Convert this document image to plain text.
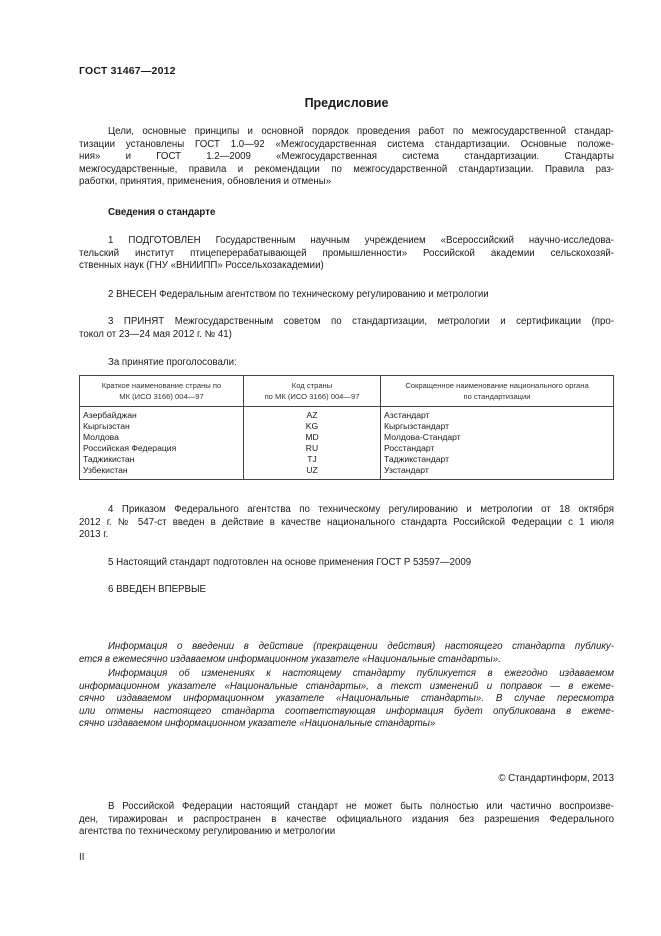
ГОСТ 31467—2012
Предисловие
Цели, основные принципы и основной порядок проведения работ по межгосударственной стандар-
тизации установлены ГОСТ 1.0—92 «Межгосударственная система стандартизации. Основные положе-
ния» и ГОСТ 1.2—2009 «Межгосударственная система стандартизации. Стандарты
межгосударственные, правила и рекомендации по межгосударственной стандартизации. Правила раз-
работки, принятия, применения, обновления и отмены»
Сведения о стандарте
1 ПОДГОТОВЛЕН Государственным научным учреждением «Всероссийский научно-исследова-
тельский институт птицеперерабатывающей промышленности» Российской академии сельскохозяй-
ственных наук (ГНУ «ВНИИПП» Россельхозакадемии)
2 ВНЕСЕН Федеральным агентством по техническому регулированию и метрологии
3 ПРИНЯТ Межгосударственным советом по стандартизации, метрологии и сертификации (про-
токол от 23—24 мая 2012 г. № 41)
За принятие проголосовали:
Краткое наименование страны по
МК (ИСО 3166) 004—97	Код страны
по МК (ИСО 3166) 004—97	Сокращенное наименование национального органа
по стандартизации
Азербайджан	AZ	Азстандарт
Кыргызстан	KG	Кыргызстандарт
Молдова	MD	Молдова-Стандарт
Российская Федерация	RU	Росстандарт
Таджикистан	TJ	Таджикстандарт
Узбекистан	UZ	Узстандарт
4 Приказом Федерального агентства по техническому регулированию и метрологии от 18 октября
2012 г. № 547-ст введен в действие в качестве национального стандарта Российской Федерации с 1 июля
2013 г.
5 Настоящий стандарт подготовлен на основе применения ГОСТ Р 53597—2009
6 ВВЕДЕН ВПЕРВЫЕ
Информация о введении в действие (прекращении действия) настоящего стандарта публику-
ется в ежемесячно издаваемом информационном указателе «Национальные стандарты».
Информация об изменениях к настоящему стандарту публикуется в ежегодно издаваемом
информационном указателе «Национальные стандарты», а текст изменений и поправок — в ежеме-
сячно издаваемом информационном указателе «Национальные стандарты». В случае пересмотра
или отмены настоящего стандарта соответствующая информация будет опубликована в ежеме-
сячно издаваемом информационном указателе «Национальные стандарты»
© Стандартинформ, 2013
В Российской Федерации настоящий стандарт не может быть полностью или частично воспроизве-
ден, тиражирован и распространен в качестве официального издания без разрешения Федерального
агентства по техническому регулированию и метрологии
II
